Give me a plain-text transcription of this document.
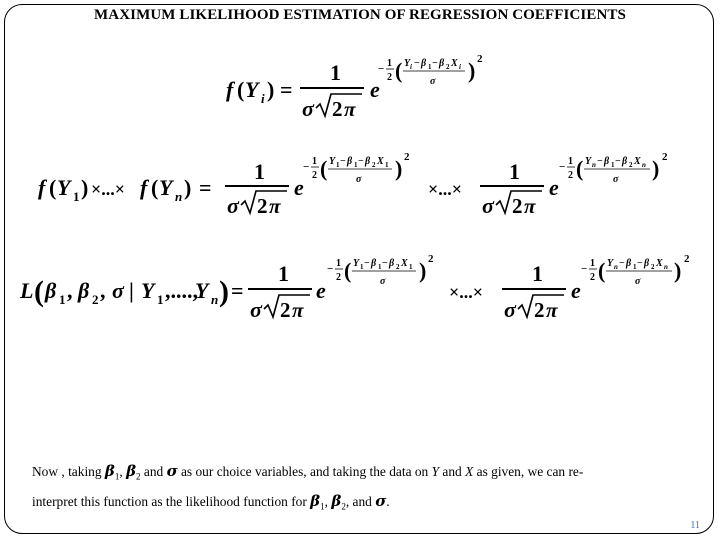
MAXIMUM LIKELIHOOD ESTIMATION OF REGRESSION COEFFICIENTS
f ( Y i ) =
1
σ 2 π
e
− 1
2 ( Y i − β 1 − β 2 X i
σ ) 2
f ( Y 1 ) ×...× f ( Y n ) =
1
σ 2 π
e
− 1
2 ( Y 1 − β 1 − β 2 X 1
σ ) 2
×...×
1
σ 2 π
e
− 1
2 ( Y n − β 1 − β 2 X n
σ ) 2
L ( β 1 , β 2 , σ | Y 1 ,....,
Y n ) =
1
σ 2 π
e
− 1
2 ( Y 1 − β 1 − β 2 X 1
σ ) 2
×...×
1
σ 2 π
e
− 1
2 ( Y n − β 1 − β 2 X n
σ ) 2
Now , taking $\beta_1$, $\beta_2$ and σ as our choice variables, and taking the data on Y and X as given, we can re-
interpret this function as the likelihood function for $\beta_1$, $\beta_2$, and σ.
11
